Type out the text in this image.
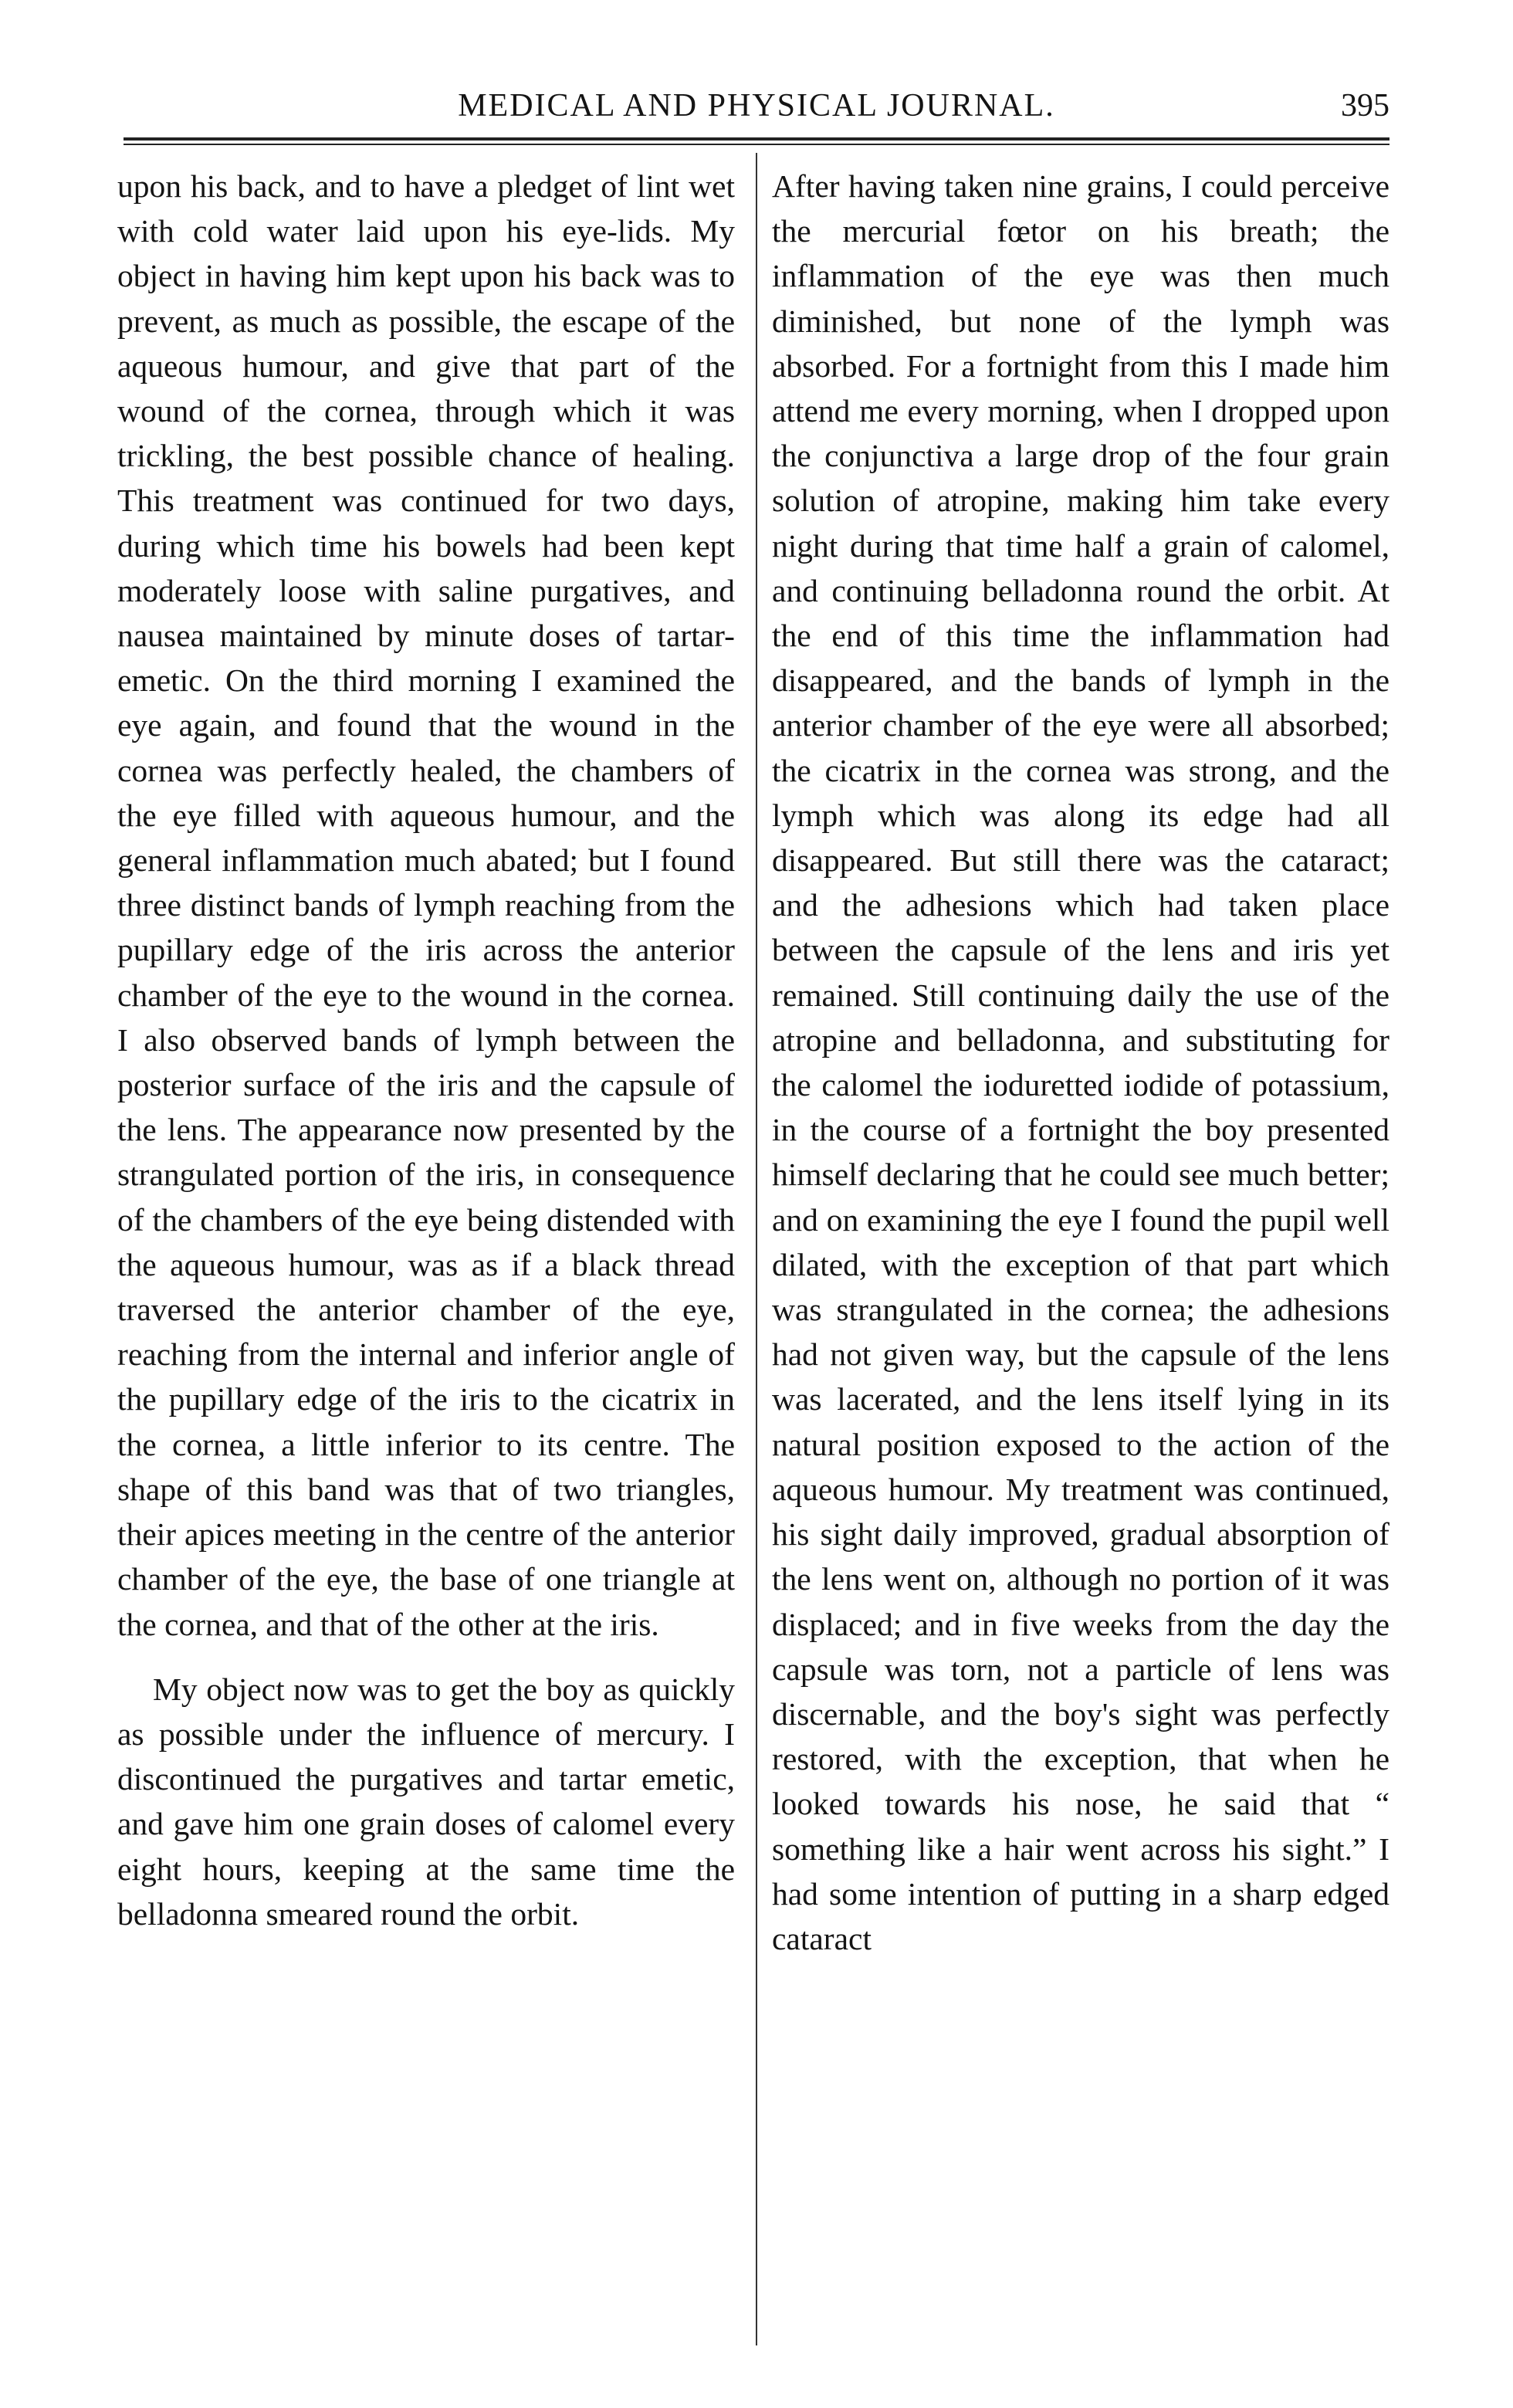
MEDICAL AND PHYSICAL JOURNAL.	395

upon his back, and to have a pledget of lint wet with cold water laid upon his eye-lids. My object in having him kept upon his back was to prevent, as much as possible, the escape of the aqueous humour, and give that part of the wound of the cornea, through which it was trickling, the best possible chance of healing. This treatment was continued for two days, during which time his bowels had been kept moderately loose with saline purgatives, and nausea maintained by minute doses of tartar-emetic. On the third morning I examined the eye again, and found that the wound in the cornea was perfectly healed, the chambers of the eye filled with aqueous humour, and the general inflammation much abated; but I found three distinct bands of lymph reaching from the pupillary edge of the iris across the anterior chamber of the eye to the wound in the cornea. I also observed bands of lymph between the posterior surface of the iris and the capsule of the lens. The appearance now presented by the strangulated portion of the iris, in consequence of the chambers of the eye being distended with the aqueous humour, was as if a black thread traversed the anterior chamber of the eye, reaching from the internal and inferior angle of the pupillary edge of the iris to the cicatrix in the cornea, a little inferior to its centre. The shape of this band was that of two triangles, their apices meeting in the centre of the anterior chamber of the eye, the base of one triangle at the cornea, and that of the other at the iris.

My object now was to get the boy as quickly as possible under the influence of mercury. I discontinued the purgatives and tartar emetic, and gave him one grain doses of calomel every eight hours, keeping at the same time the belladonna smeared round the orbit.

After having taken nine grains, I could perceive the mercurial fœtor on his breath; the inflammation of the eye was then much diminished, but none of the lymph was absorbed. For a fortnight from this I made him attend me every morning, when I dropped upon the conjunctiva a large drop of the four grain solution of atropine, making him take every night during that time half a grain of calomel, and continuing belladonna round the orbit. At the end of this time the inflammation had disappeared, and the bands of lymph in the anterior chamber of the eye were all absorbed; the cicatrix in the cornea was strong, and the lymph which was along its edge had all disappeared. But still there was the cataract; and the adhesions which had taken place between the capsule of the lens and iris yet remained. Still continuing daily the use of the atropine and belladonna, and substituting for the calomel the ioduretted iodide of potassium, in the course of a fortnight the boy presented himself declaring that he could see much better; and on examining the eye I found the pupil well dilated, with the exception of that part which was strangulated in the cornea; the adhesions had not given way, but the capsule of the lens was lacerated, and the lens itself lying in its natural position exposed to the action of the aqueous humour. My treatment was continued, his sight daily improved, gradual absorption of the lens went on, although no portion of it was displaced; and in five weeks from the day the capsule was torn, not a particle of lens was discernable, and the boy's sight was perfectly restored, with the exception, that when he looked towards his nose, he said that “ something like a hair went across his sight.” I had some intention of putting in a sharp edged cataract
